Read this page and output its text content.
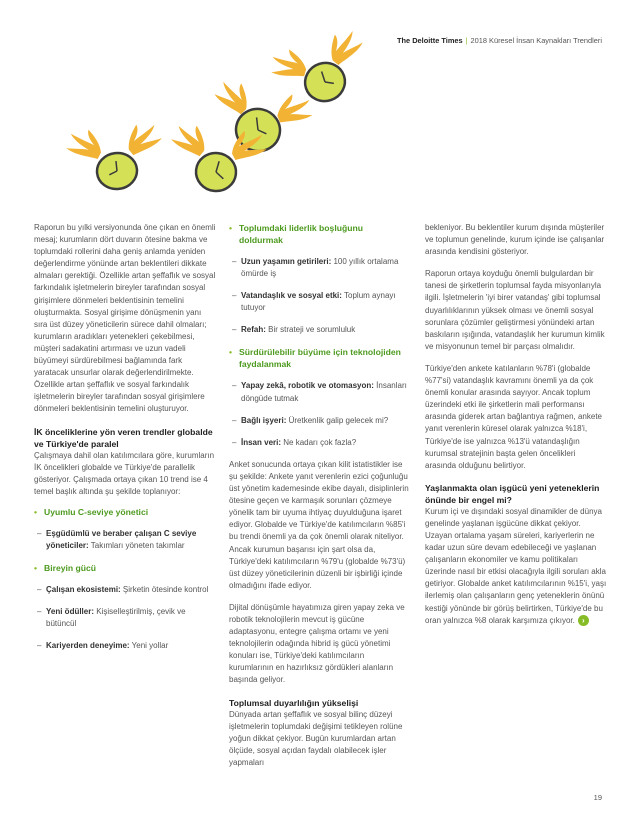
The Deloitte Times | 2018 Küresel İnsan Kaynakları Trendleri

Raporun bu yılki versiyonunda öne çıkan en önemli mesaj; kurumların dört duvarın ötesine bakma ve toplumdaki rollerini daha geniş anlamda yeniden değerlendirme yönünde artan beklentileri dikkate almaları gerektiği. Özellikle artan şeffaflık ve sosyal farkındalık işletmelerin bireyler tarafından sosyal girişimlere dönmeleri beklentisinin temelini oluşturmakta. Sosyal girişime dönüşmenin yanı sıra üst düzey yöneticilerin sürece dahil olmaları; kurumların aradıkları yetenekleri çekebilmesi, müşteri sadakatini artırması ve uzun vadeli büyümeyi sürdürebilmesi bağlamında fark yaratacak unsurlar olarak değerlendirilmekte. Özellikle artan şeffaflık ve sosyal farkındalık işletmelerin bireyler tarafından sosyal girişimlere dönmeleri beklentisinin temelini oluşturuyor.

İK önceliklerine yön veren trendler globalde ve Türkiye'de paralel

Çalışmaya dahil olan katılımcılara göre, kurumların İK öncelikleri globalde ve Türkiye'de parallelik gösteriyor. Çalışmada ortaya çıkan 10 trend ise 4 temel başlık altında şu şekilde toplanıyor:

• Uyumlu C-seviye yönetici

– Eşgüdümlü ve beraber çalışan C seviye yöneticiler: Takımları yöneten takımlar

• Bireyin gücü

– Çalışan ekosistemi: Şirketin ötesinde kontrol

– Yeni ödüller: Kişiselleştirilmiş, çevik ve bütüncül

– Kariyerden deneyime: Yeni yollar

• Toplumdaki liderlik boşluğunu doldurmak

– Uzun yaşamın getirileri: 100 yıllık ortalama ömürde iş

– Vatandaşlık ve sosyal etki: Toplum aynayı tutuyor

– Refah: Bir strateji ve sorumluluk

• Sürdürülebilir büyüme için teknolojiden faydalanmak

– Yapay zekâ, robotik ve otomasyon: İnsanları döngüde tutmak

– Bağlı işyeri: Üretkenlik galip gelecek mi?

– İnsan veri: Ne kadarı çok fazla?

Anket sonucunda ortaya çıkan kilit istatistikler ise şu şekilde: Ankete yanıt verenlerin ezici çoğunluğu üst yönetim kademesinde ekibe dayalı, disiplinlerin ötesine geçen ve karmaşık sorunları çözmeye yönelik tam bir uyuma ihtiyaç duyulduğuna işaret ediyor. Globalde ve Türkiye'de katılımcıların %85'i bu trendi önemli ya da çok önemli olarak niteliyor. Ancak kurumun başarısı için şart olsa da, Türkiye'deki katılımcıların %79'u (globalde %73'ü) üst düzey yöneticilerinin düzenli bir işbirliği içinde olmadığını ifade ediyor.

Dijital dönüşümle hayatımıza giren yapay zeka ve robotik teknolojilerin mevcut iş gücüne adaptasyonu, entegre çalışma ortamı ve yeni teknolojilerin odağında hibrid iş gücü yönetimi konuları ise, Türkiye'deki katılımcıların kurumlarının en hazırlıksız gördükleri alanların başında geliyor.

Toplumsal duyarlılığın yükselişi

Dünyada artan şeffaflık ve sosyal bilinç düzeyi işletmelerin toplumdaki değişimi tetikleyen rolüne yoğun dikkat çekiyor. Bugün kurumlardan artan ölçüde, sosyal açıdan faydalı olabilecek işler yapmaları

bekleniyor. Bu beklentiler kurum dışında müşteriler ve toplumun genelinde, kurum içinde ise çalışanlar arasında kendisini gösteriyor.

Raporun ortaya koyduğu önemli bulgulardan bir tanesi de şirketlerin toplumsal fayda misyonlarıyla ilgili. İşletmelerin 'iyi birer vatandaş' gibi toplumsal duyarlılıklarının yüksek olması ve önemli sosyal sorunlara çözümler geliştirmesi yönündeki artan baskıların ışığında, vatandaşlık her kurumun kimlik ve misyonunun temel bir parçası olmalıdır.

Türkiye'den ankete katılanların %78'i (globalde %77'si) vatandaşlık kavramını önemli ya da çok önemli konular arasında sayıyor. Ancak toplum üzerindeki etki ile şirketlerin mali performansı arasında giderek artan bağlantıya rağmen, ankete yanıt verenlerin küresel olarak yalnızca %18'i, Türkiye'de ise yalnızca %13'ü vatandaşlığın kurumsal stratejinin başta gelen öncelikleri arasında olduğunu belirtiyor.

Yaşlanmakta olan işgücü yeni yeteneklerin önünde bir engel mi?

Kurum içi ve dışındaki sosyal dinamikler de dünya genelinde yaşlanan işgücüne dikkat çekiyor. Uzayan ortalama yaşam süreleri, kariyerlerin ne kadar uzun süre devam edebileceği ve yaşlanan çalışanların ekonomiler ve kamu politikaları üzerinde nasıl bir etkisi olacağıyla ilgili soruları akla getiriyor. Globalde anket katılımcılarının %15'i, yaşı ilerlemiş olan çalışanların genç yeteneklerin önünü kestiği yönünde bir görüş belirtirken, Türkiye'de bu oran yalnızca %8 olarak karşımıza çıkıyor. ›

19
